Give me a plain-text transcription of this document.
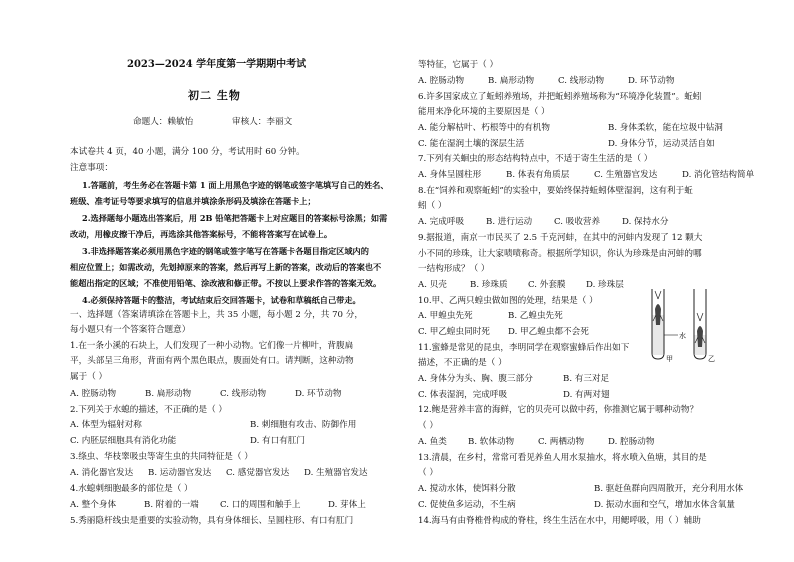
2023—2024 学年度第一学期期中考试
初二 生物
命题人：赖敏怡	审核人：李丽文
本试卷共 4 页，40 小题，满分 100 分，考试用时 60 分钟。
注意事项：
1.答题前，考生务必在答题卡第 1 面上用黑色字迹的钢笔或签字笔填写自己的姓名、
班级、准考证号等要求填写的信息并填涂条形码及填涂在答题卡上；
2.选择题每小题选出答案后，用 2B 铅笔把答题卡上对应题目的答案标号涂黑；如需
改动，用橡皮擦干净后，再选涂其他答案标号，不能将答案写在试卷上。
3.非选择题答案必须用黑色字迹的钢笔或签字笔写在答题卡各题目指定区域内的
相应位置上；如需改动，先划掉原来的答案，然后再写上新的答案，改动后的答案也不
能超出指定的区域；不准使用铅笔、涂改液和修正带。不按以上要求作答的答案无效。
4.必须保持答题卡的整洁，考试结束后交回答题卡，试卷和草稿纸自己带走。
一、选择题（答案请填涂在答题卡上，共 35 小题，每小题 2 分，共 70 分，
每小题只有一个答案符合题意）
1.在一条小溪的石块上，人们发现了一种小动物。它们像一片柳叶，背腹扁
平，头部呈三角形，背面有两个黑色眼点，腹面处有口。请判断，这种动物
属于（ ）
A. 腔肠动物	B. 扁形动物	C. 线形动物	D. 环节动物
2.下列关于水螅的描述，不正确的是（ ）
A. 体型为辐射对称	B. 刺细胞有攻击、防御作用
C. 内胚层细胞具有消化功能	D. 有口有肛门
3.绦虫、华枝睾吸虫等寄生虫的共同特征是（ ）
A. 消化器官发达 B. 运动器官发达 C. 感觉器官发达 D. 生殖器官发达
4.水螅刺细胞最多的部位是（ ）
A. 整个身体	B. 附着的一端 C. 口的周围和触手上	D. 芽体上
5.秀丽隐杆线虫是重要的实验动物，具有身体细长、呈圆柱形、有口有肛门
等特征，它属于（ ）
A. 腔肠动物	B. 扁形动物	C. 线形动物	D. 环节动物
6.许多国家成立了蚯蚓养殖场，并把蚯蚓养殖场称为“环境净化装置”。蚯蚓
能用来净化环境的主要原因是（ ）
A. 能分解枯叶、朽根等中的有机物	B. 身体柔软，能在垃圾中钻洞
C. 能在湿润土壤的深层生活	D. 身体分节，运动灵活自如
7.下列有关蛔虫的形态结构特点中，不适于寄生生活的是（ ）
A. 身体呈圆柱形	B. 体表有角质层	C. 生殖器官发达	D. 消化管结构简单
8.在“饲养和观察蚯蚓”的实验中，要始终保持蚯蚓体壁湿润，这有利于蚯
蚓（ ）
A. 完成呼吸	B. 进行运动	C. 吸收营养	D. 保持水分
9.据报道，南京一市民买了 2.5 千克河蚌，在其中的河蚌内发现了 12 颗大
小不同的珍珠，让大家啧啧称奇。根据所学知识，你认为珍珠是由河蚌的哪
一结构形成？（ ）
A. 贝壳	B. 珍珠质 C. 外套膜 D. 珍珠层
10.甲、乙两只蝗虫做如图的处理，结果是（ ）
A. 甲蝗虫先死	B. 乙蝗虫先死
C. 甲乙蝗虫同时死 D. 甲乙蝗虫都不会死	水
甲	乙
11.蜜蜂是常见的昆虫，李明同学在观察蜜蜂后作出如下
描述，不正确的是（ ）
A. 身体分为头、胸、腹三部分	B. 有三对足
C. 体表湿润，完成呼吸	D. 有两对翅
12.鲍是营养丰富的海鲜，它的贝壳可以做中药，你推测它属于哪种动物？
（ ）
A. 鱼类 B. 软体动物	C. 两栖动物	D. 腔肠动物
13.清晨，在乡村，常常可看见养鱼人用水泵抽水，将水喷入鱼塘，其目的是
（ ）
A. 搅动水体，使饵料分散	B. 驱赶鱼群向四周散开，充分利用水体
C. 促使鱼多运动，不生病	D. 振动水面和空气，增加水体含氧量
14.海马有由脊椎骨构成的脊柱，终生生活在水中，用鳃呼吸，用（ ）辅助
